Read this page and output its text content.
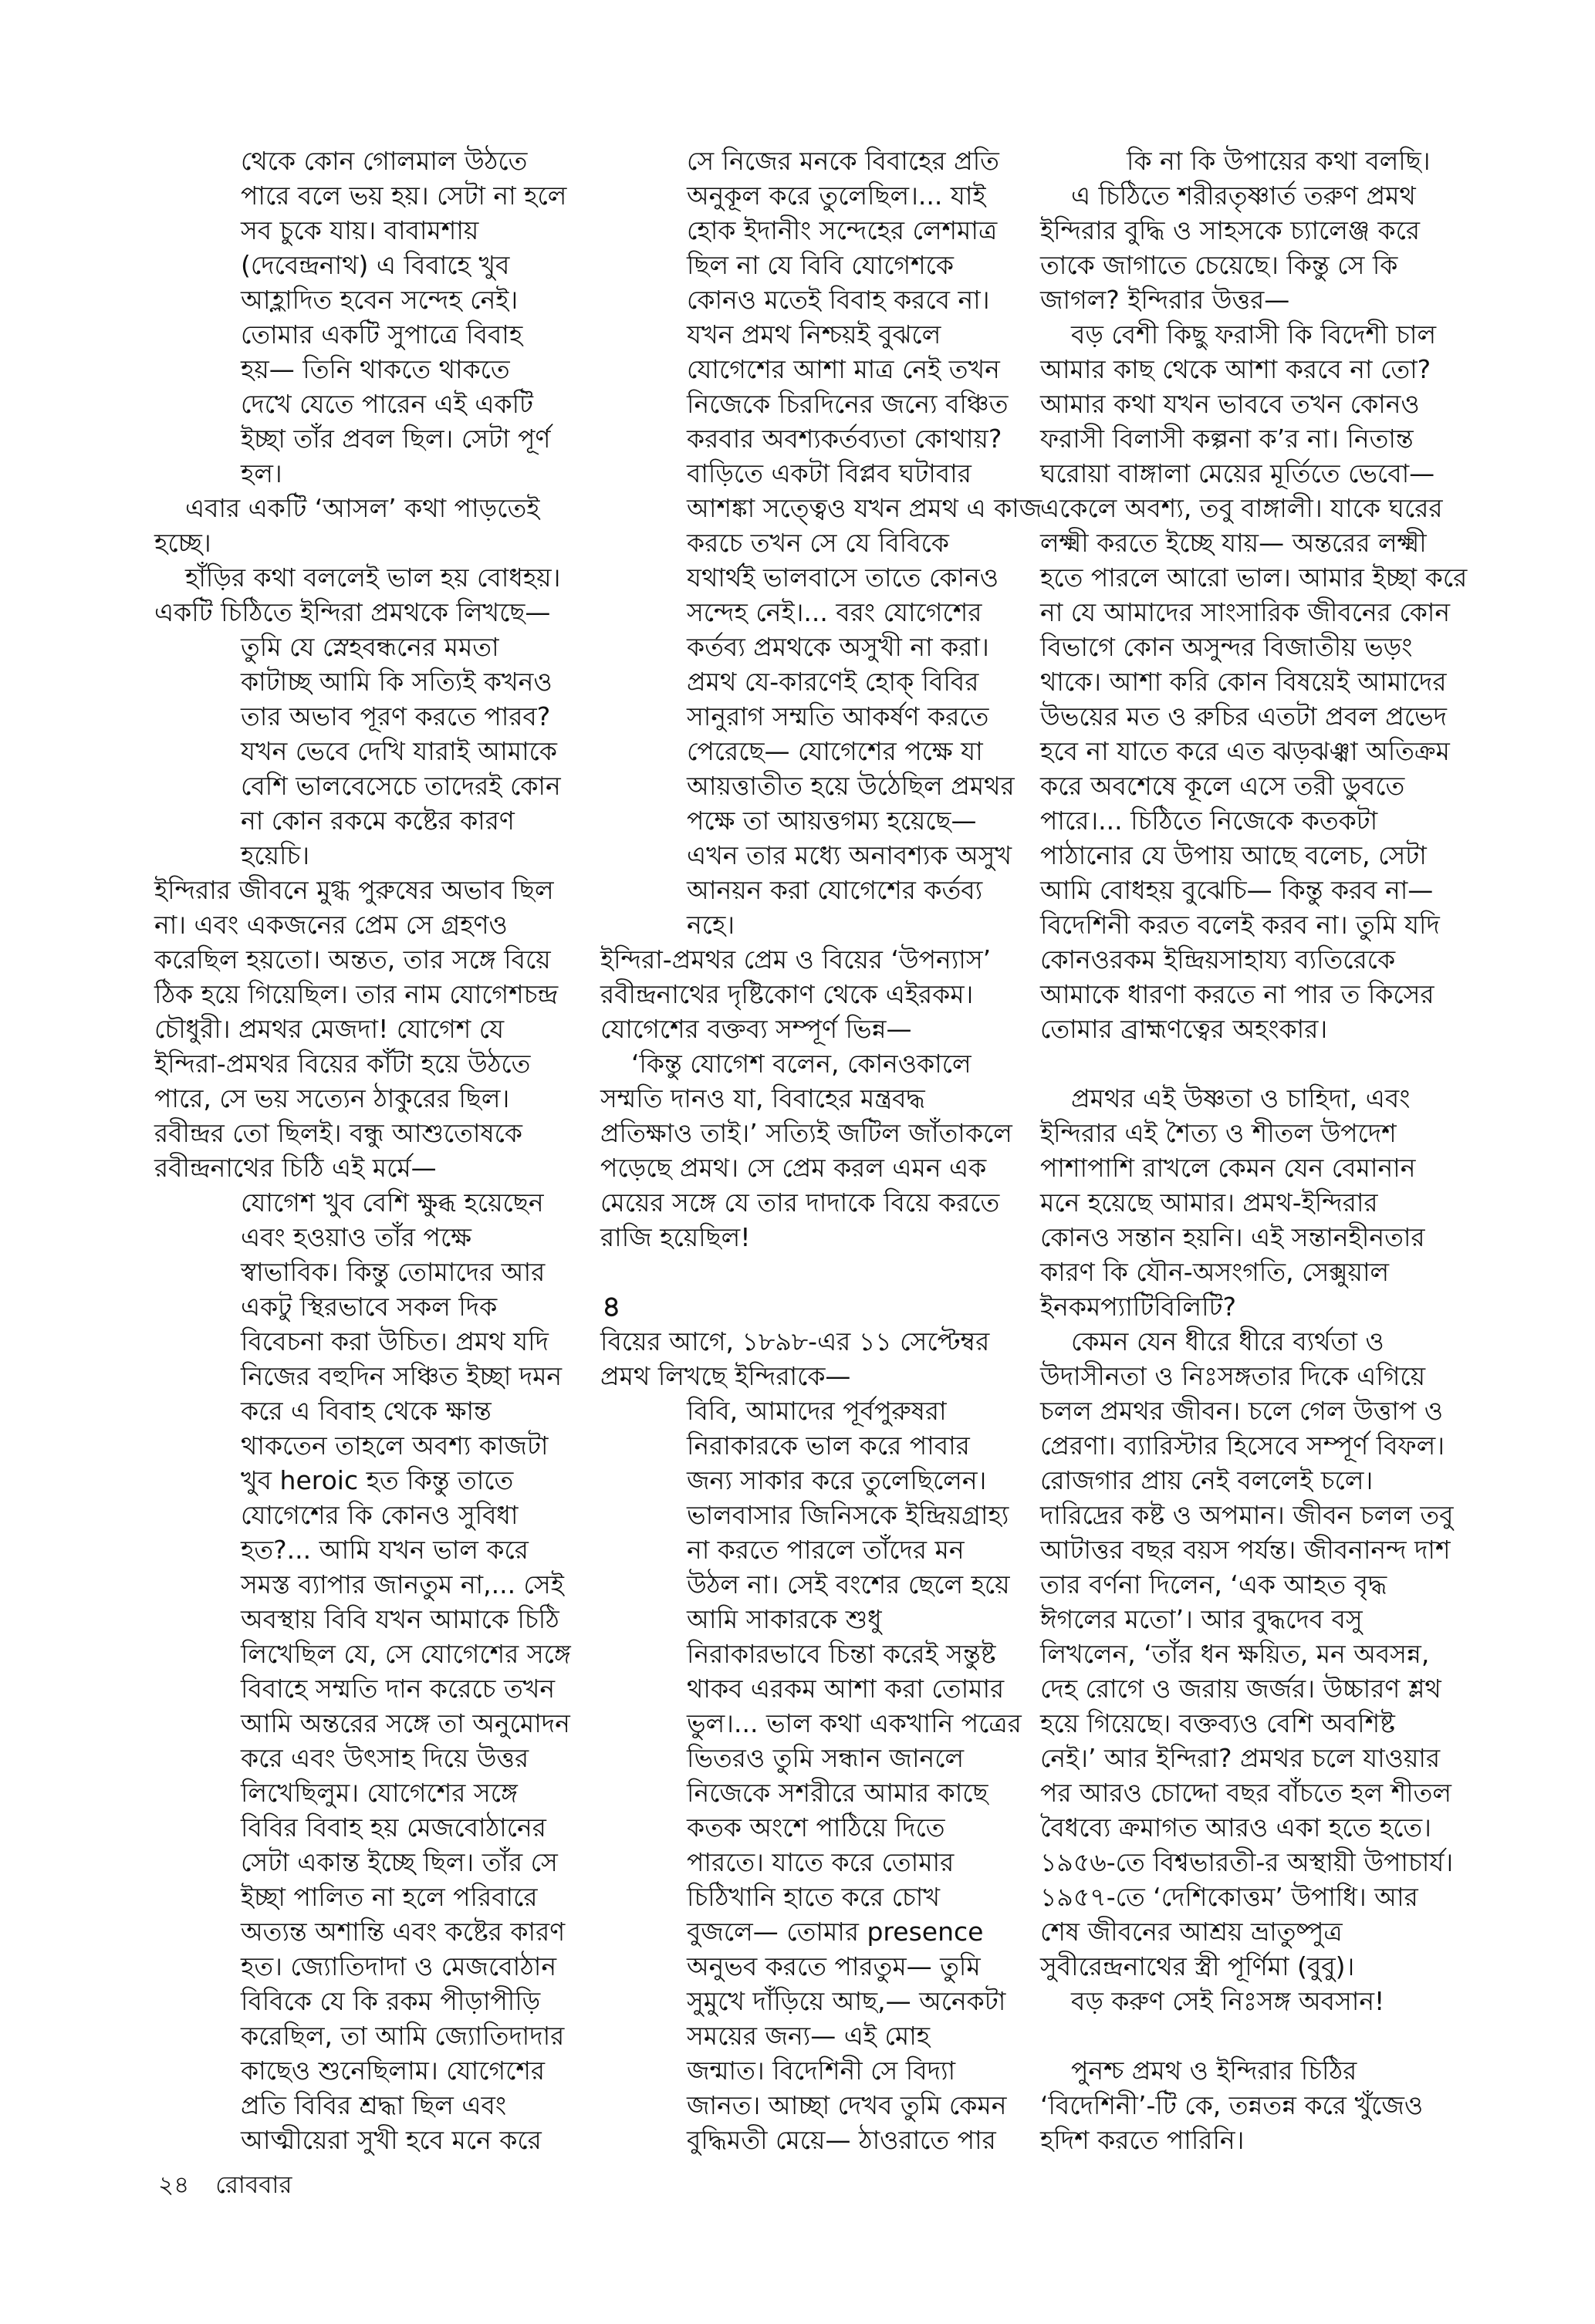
থেকে কোন গোলমাল উঠতে
পারে বলে ভয় হয়। সেটা না হলে
সব চুকে যায়। বাবামশায়
(দেবেন্দ্রনাথ) এ বিবাহে খুব
আহ্লাদিত হবেন সন্দেহ নেই।
তোমার একটি সুপাত্রে বিবাহ
হয়— তিনি থাকতে থাকতে
দেখে যেতে পারেন এই একটি
ইচ্ছা তাঁর প্রবল ছিল। সেটা পূর্ণ
হল।
এবার একটি ‘আসল’ কথা পাড়তেই
হচ্ছে।
হাঁড়ির কথা বললেই ভাল হয় বোধহয়।
একটি চিঠিতে ইন্দিরা প্রমথকে লিখছে—
তুমি যে স্নেহবন্ধনের মমতা
কাটাচ্ছ আমি কি সত্যিই কখনও
তার অভাব পূরণ করতে পারব?
যখন ভেবে দেখি যারাই আমাকে
বেশি ভালবেসেচে তাদেরই কোন
না কোন রকমে কষ্টের কারণ
হয়েচি।
ইন্দিরার জীবনে মুগ্ধ পুরুষের অভাব ছিল
না। এবং একজনের প্রেম সে গ্রহণও
করেছিল হয়তো। অন্তত, তার সঙ্গে বিয়ে
ঠিক হয়ে গিয়েছিল। তার নাম যোগেশচন্দ্র
চৌধুরী। প্রমথর মেজদা! যোগেশ যে
ইন্দিরা-প্রমথর বিয়ের কাঁটা হয়ে উঠতে
পারে, সে ভয় সত্যেন ঠাকুরের ছিল।
রবীন্দ্রর তো ছিলই। বন্ধু আশুতোষকে
রবীন্দ্রনাথের চিঠি এই মর্মে—
যোগেশ খুব বেশি ক্ষুব্ধ হয়েছেন
এবং হওয়াও তাঁর পক্ষে
স্বাভাবিক। কিন্তু তোমাদের আর
একটু স্থিরভাবে সকল দিক
বিবেচনা করা উচিত। প্রমথ যদি
নিজের বহুদিন সঞ্চিত ইচ্ছা দমন
করে এ বিবাহ থেকে ক্ষান্ত
থাকতেন তাহলে অবশ্য কাজটা
খুব heroic হত কিন্তু তাতে
যোগেশের কি কোনও সুবিধা
হত?... আমি যখন ভাল করে
সমস্ত ব্যাপার জানতুম না,... সেই
অবস্থায় বিবি যখন আমাকে চিঠি
লিখেছিল যে, সে যোগেশের সঙ্গে
বিবাহে সম্মতি দান করেচে তখন
আমি অন্তরের সঙ্গে তা অনুমোদন
করে এবং উৎসাহ দিয়ে উত্তর
লিখেছিলুম। যোগেশের সঙ্গে
বিবির বিবাহ হয় মেজবোঠানের
সেটা একান্ত ইচ্ছে ছিল। তাঁর সে
ইচ্ছা পালিত না হলে পরিবারে
অত্যন্ত অশান্তি এবং কষ্টের কারণ
হত। জ্যোতিদাদা ও মেজবোঠান
বিবিকে যে কি রকম পীড়াপীড়ি
করেছিল, তা আমি জ্যোতিদাদার
কাছেও শুনেছিলাম। যোগেশের
প্রতি বিবির শ্রদ্ধা ছিল এবং
আত্মীয়েরা সুখী হবে মনে করে
সে নিজের মনকে বিবাহের প্রতি
অনুকূল করে তুলেছিল।... যাই
হোক ইদানীং সন্দেহের লেশমাত্র
ছিল না যে বিবি যোগেশকে
কোনও মতেই বিবাহ করবে না।
যখন প্রমথ নিশ্চয়ই বুঝলে
যোগেশের আশা মাত্র নেই তখন
নিজেকে চিরদিনের জন্যে বঞ্চিত
করবার অবশ্যকর্তব্যতা কোথায়?
বাড়িতে একটা বিপ্লব ঘটাবার
আশঙ্কা সত্ত্বেও যখন প্রমথ এ কাজ
করচে তখন সে যে বিবিকে
যথার্থই ভালবাসে তাতে কোনও
সন্দেহ নেই।... বরং যোগেশের
কর্তব্য প্রমথকে অসুখী না করা।
প্রমথ যে-কারণেই হোক্‌ বিবির
সানুরাগ সম্মতি আকর্ষণ করতে
পেরেছে— যোগেশের পক্ষে যা
আয়ত্তাতীত হয়ে উঠেছিল প্রমথর
পক্ষে তা আয়ত্তগম্য হয়েছে—
এখন তার মধ্যে অনাবশ্যক অসুখ
আনয়ন করা যোগেশের কর্তব্য
নহে।
ইন্দিরা-প্রমথর প্রেম ও বিয়ের ‘উপন্যাস’
রবীন্দ্রনাথের দৃষ্টিকোণ থেকে এইরকম।
যোগেশের বক্তব্য সম্পূর্ণ ভিন্ন—
‘কিন্তু যোগেশ বলেন, কোনওকালে
সম্মতি দানও যা, বিবাহের মন্ত্রবদ্ধ
প্রতিক্ষাও তাই।’ সত্যিই জটিল জাঁতাকলে
পড়েছে প্রমথ। সে প্রেম করল এমন এক
মেয়ের সঙ্গে যে তার দাদাকে বিয়ে করতে
রাজি হয়েছিল!
৪
বিয়ের আগে, ১৮৯৮-এর ১১ সেপ্টেম্বর
প্রমথ লিখছে ইন্দিরাকে—
বিবি, আমাদের পূর্বপুরুষরা
নিরাকারকে ভাল করে পাবার
জন্য সাকার করে তুলেছিলেন।
ভালবাসার জিনিসকে ইন্দ্রিয়গ্রাহ্য
না করতে পারলে তাঁদের মন
উঠল না। সেই বংশের ছেলে হয়ে
আমি সাকারকে শুধু
নিরাকারভাবে চিন্তা করেই সন্তুষ্ট
থাকব এরকম আশা করা তোমার
ভুল।... ভাল কথা একখানি পত্রের
ভিতরও তুমি সন্ধান জানলে
নিজেকে সশরীরে আমার কাছে
কতক অংশে পাঠিয়ে দিতে
পারতে। যাতে করে তোমার
চিঠিখানি হাতে করে চোখ
বুজলে— তোমার presence
অনুভব করতে পারতুম— তুমি
সুমুখে দাঁড়িয়ে আছ,— অনেকটা
সময়ের জন্য— এই মোহ
জন্মাত। বিদেশিনী সে বিদ্যা
জানত। আচ্ছা দেখব তুমি কেমন
বুদ্ধিমতী মেয়ে— ঠাওরাতে পার
কি না কি উপায়ের কথা বলছি।
এ চিঠিতে শরীরতৃষ্ণার্ত তরুণ প্রমথ
ইন্দিরার বুদ্ধি ও সাহসকে চ্যালেঞ্জ করে
তাকে জাগাতে চেয়েছে। কিন্তু সে কি
জাগল? ইন্দিরার উত্তর—
বড় বেশী কিছু ফরাসী কি বিদেশী চাল
আমার কাছ থেকে আশা করবে না তো?
আমার কথা যখন ভাববে তখন কোনও
ফরাসী বিলাসী কল্পনা ক’র না। নিতান্ত
ঘরোয়া বাঙ্গালা মেয়ের মূর্তিতে ভেবো—
একেলে অবশ্য, তবু বাঙ্গালী। যাকে ঘরের
লক্ষ্মী করতে ইচ্ছে যায়— অন্তরের লক্ষ্মী
হতে পারলে আরো ভাল। আমার ইচ্ছা করে
না যে আমাদের সাংসারিক জীবনের কোন
বিভাগে কোন অসুন্দর বিজাতীয় ভড়ং
থাকে। আশা করি কোন বিষয়েই আমাদের
উভয়ের মত ও রুচির এতটা প্রবল প্রভেদ
হবে না যাতে করে এত ঝড়ঝঞ্ঝা অতিক্রম
করে অবশেষে কূলে এসে তরী ডুবতে
পারে।... চিঠিতে নিজেকে কতকটা
পাঠানোর যে উপায় আছে বলেচ, সেটা
আমি বোধহয় বুঝেচি— কিন্তু করব না—
বিদেশিনী করত বলেই করব না। তুমি যদি
কোনওরকম ইন্দ্রিয়সাহায্য ব্যতিরেকে
আমাকে ধারণা করতে না পার ত কিসের
তোমার ব্রাহ্মণত্বের অহংকার।
প্রমথর এই উষ্ণতা ও চাহিদা, এবং
ইন্দিরার এই শৈত্য ও শীতল উপদেশ
পাশাপাশি রাখলে কেমন যেন বেমানান
মনে হয়েছে আমার। প্রমথ-ইন্দিরার
কোনও সন্তান হয়নি। এই সন্তানহীনতার
কারণ কি যৌন-অসংগতি, সেক্সুয়াল
ইনকমপ্যাটিবিলিটি?
কেমন যেন ধীরে ধীরে ব্যর্থতা ও
উদাসীনতা ও নিঃসঙ্গতার দিকে এগিয়ে
চলল প্রমথর জীবন। চলে গেল উত্তাপ ও
প্রেরণা। ব্যারিস্টার হিসেবে সম্পূর্ণ বিফল।
রোজগার প্রায় নেই বললেই চলে।
দারিদ্রের কষ্ট ও অপমান। জীবন চলল তবু
আটাত্তর বছর বয়স পর্যন্ত। জীবনানন্দ দাশ
তার বর্ণনা দিলেন, ‘এক আহত বৃদ্ধ
ঈগলের মতো’। আর বুদ্ধদেব বসু
লিখলেন, ‘তাঁর ধন ক্ষয়িত, মন অবসন্ন,
দেহ রোগে ও জরায় জর্জর। উচ্চারণ শ্লথ
হয়ে গিয়েছে। বক্তব্যও বেশি অবশিষ্ট
নেই।’ আর ইন্দিরা? প্রমথর চলে যাওয়ার
পর আরও চোদ্দো বছর বাঁচতে হল শীতল
বৈধব্যে ক্রমাগত আরও একা হতে হতে।
১৯৫৬-তে বিশ্বভারতী-র অস্থায়ী উপাচার্য।
১৯৫৭-তে ‘দেশিকোত্তম’ উপাধি। আর
শেষ জীবনের আশ্রয় ভ্রাতুষ্পুত্র
সুবীরেন্দ্রনাথের স্ত্রী পূর্ণিমা (বুবু)।
বড় করুণ সেই নিঃসঙ্গ অবসান!
পুনশ্চ প্রমথ ও ইন্দিরার চিঠির
‘বিদেশিনী’-টি কে, তন্নতন্ন করে খুঁজেও
হদিশ করতে পারিনি।
২৪ রোববার
